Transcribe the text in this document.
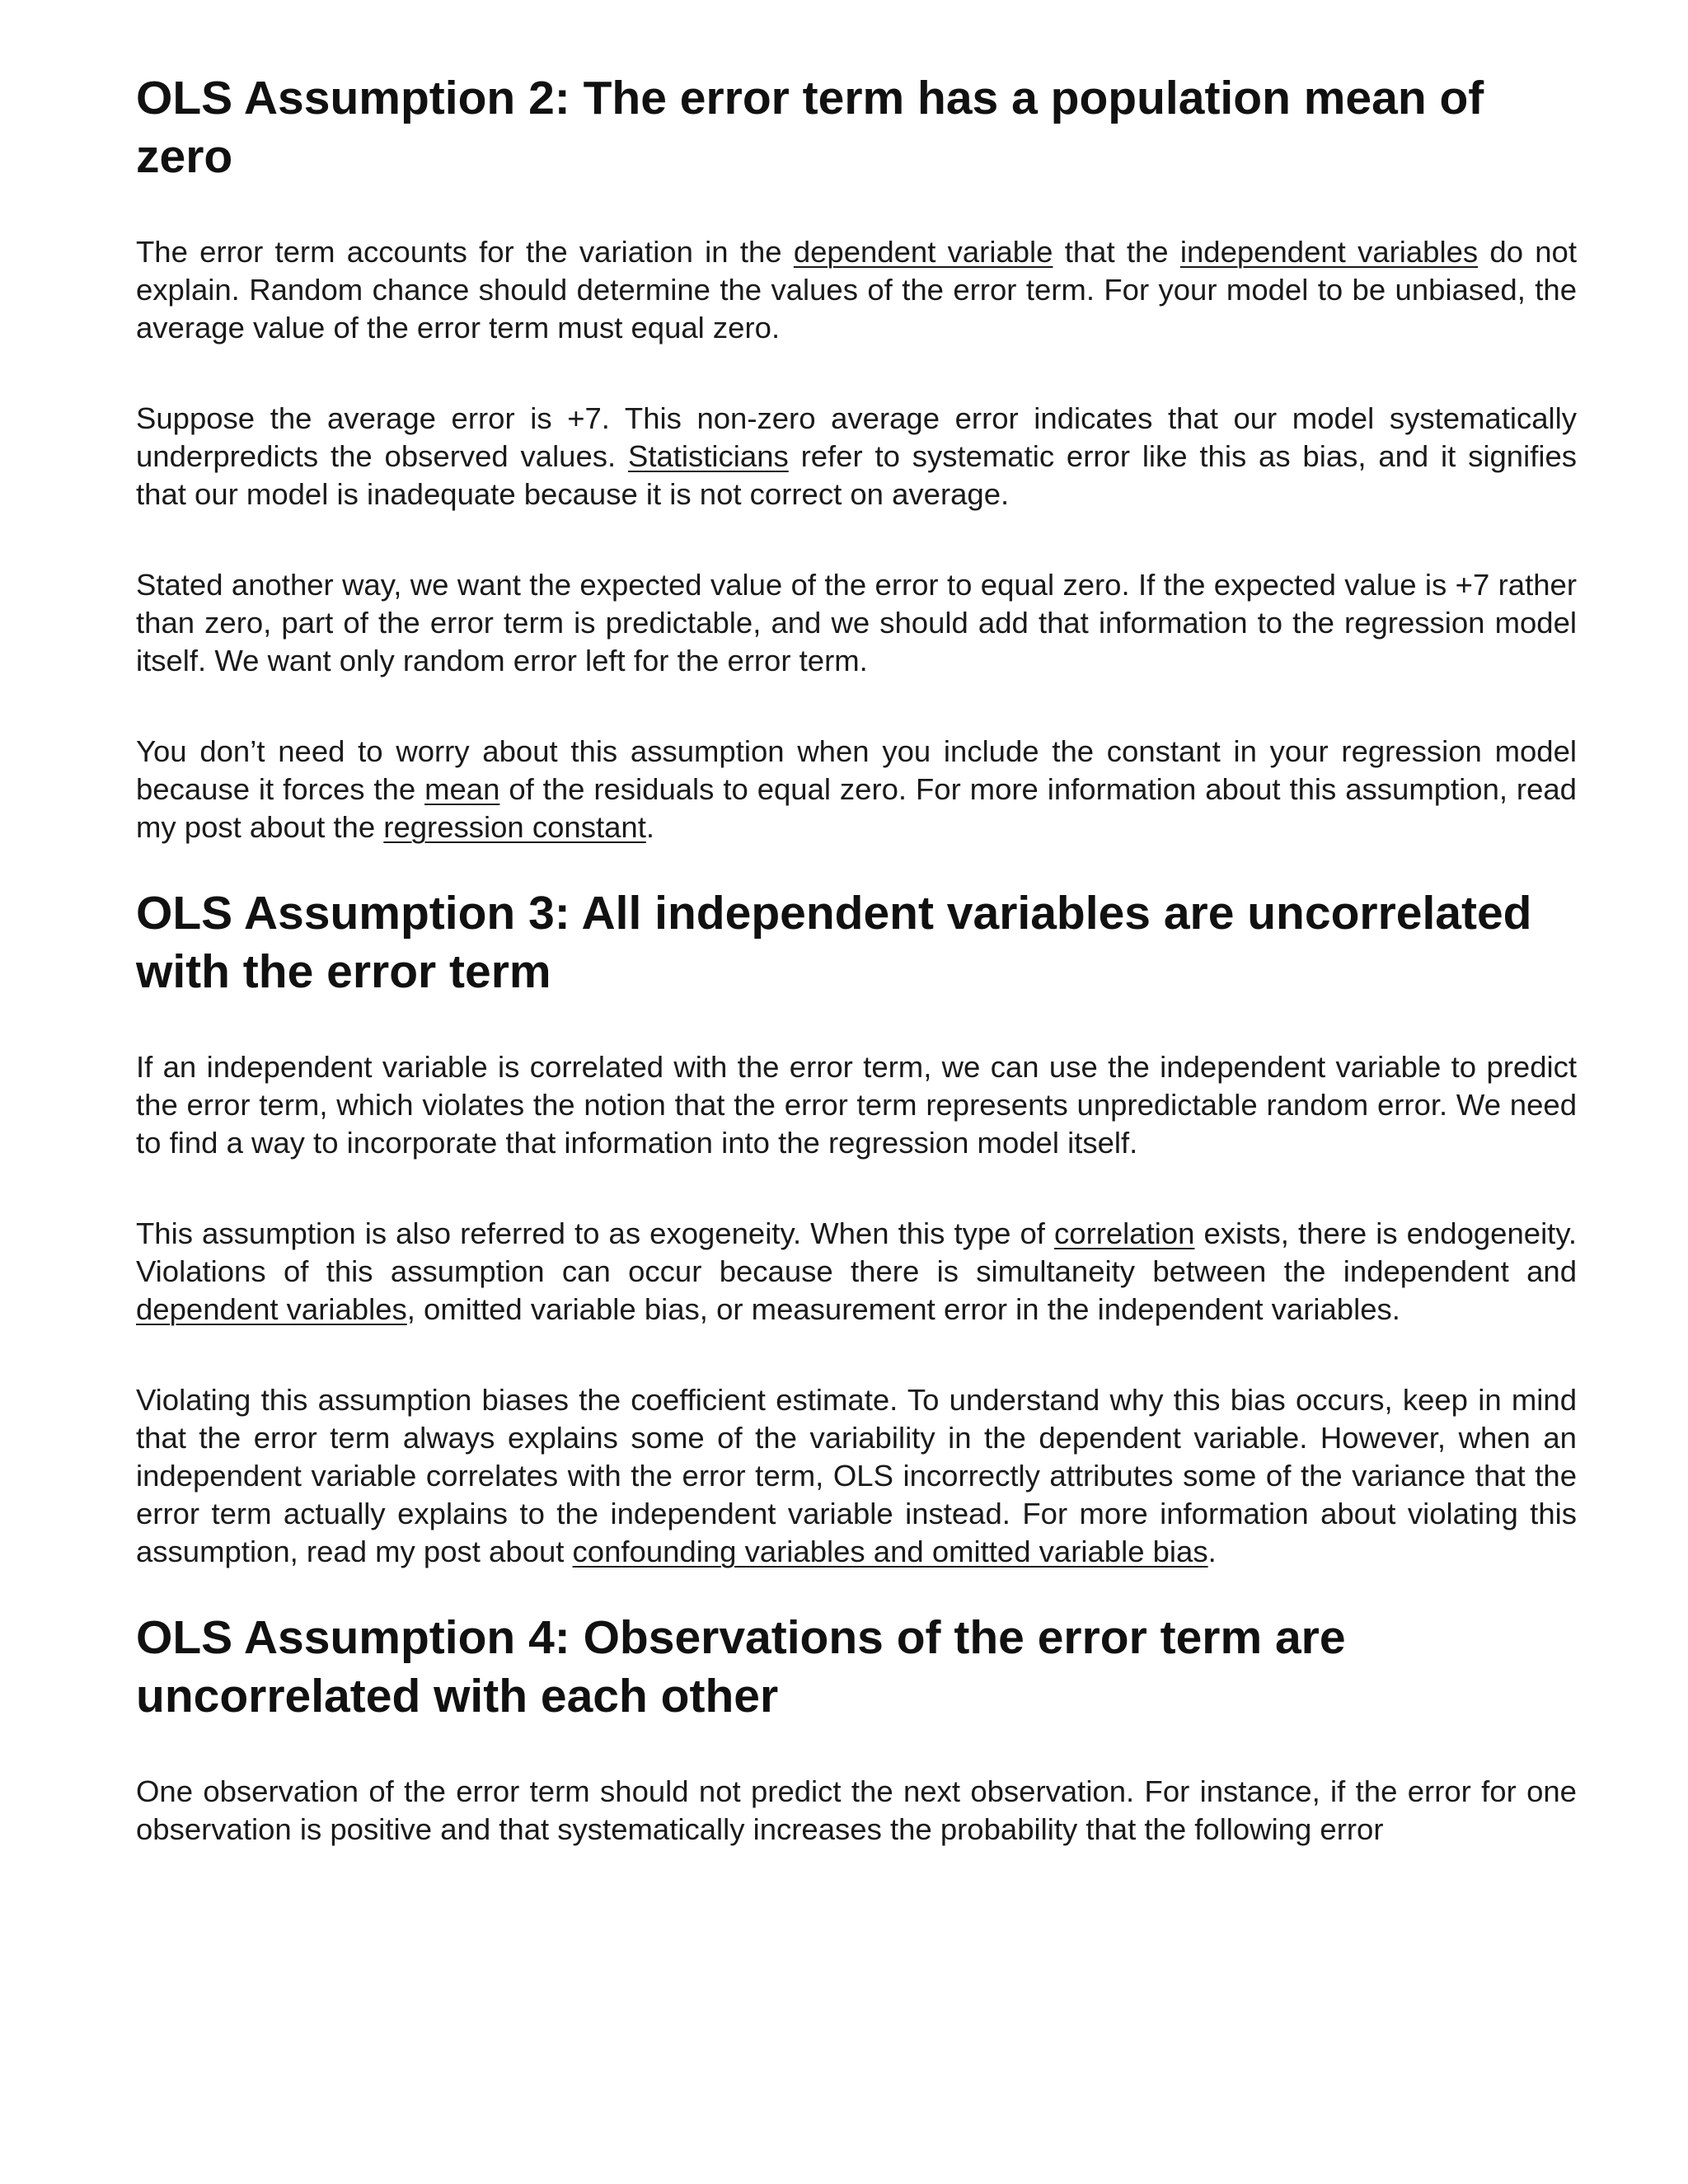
OLS Assumption 2: The error term has a population mean of zero

The error term accounts for the variation in the dependent variable that the independent variables do not explain. Random chance should determine the values of the error term. For your model to be unbiased, the average value of the error term must equal zero.

Suppose the average error is +7. This non-zero average error indicates that our model systematically underpredicts the observed values. Statisticians refer to systematic error like this as bias, and it signifies that our model is inadequate because it is not correct on average.

Stated another way, we want the expected value of the error to equal zero. If the expected value is +7 rather than zero, part of the error term is predictable, and we should add that information to the regression model itself. We want only random error left for the error term.

You don’t need to worry about this assumption when you include the constant in your regression model because it forces the mean of the residuals to equal zero. For more information about this assumption, read my post about the regression constant.

OLS Assumption 3: All independent variables are uncorrelated with the error term

If an independent variable is correlated with the error term, we can use the independent variable to predict the error term, which violates the notion that the error term represents unpredictable random error. We need to find a way to incorporate that information into the regression model itself.

This assumption is also referred to as exogeneity. When this type of correlation exists, there is endogeneity. Violations of this assumption can occur because there is simultaneity between the independent and dependent variables, omitted variable bias, or measurement error in the independent variables.

Violating this assumption biases the coefficient estimate. To understand why this bias occurs, keep in mind that the error term always explains some of the variability in the dependent variable. However, when an independent variable correlates with the error term, OLS incorrectly attributes some of the variance that the error term actually explains to the independent variable instead. For more information about violating this assumption, read my post about confounding variables and omitted variable bias.

OLS Assumption 4: Observations of the error term are uncorrelated with each other

One observation of the error term should not predict the next observation. For instance, if the error for one observation is positive and that systematically increases the probability that the following error
